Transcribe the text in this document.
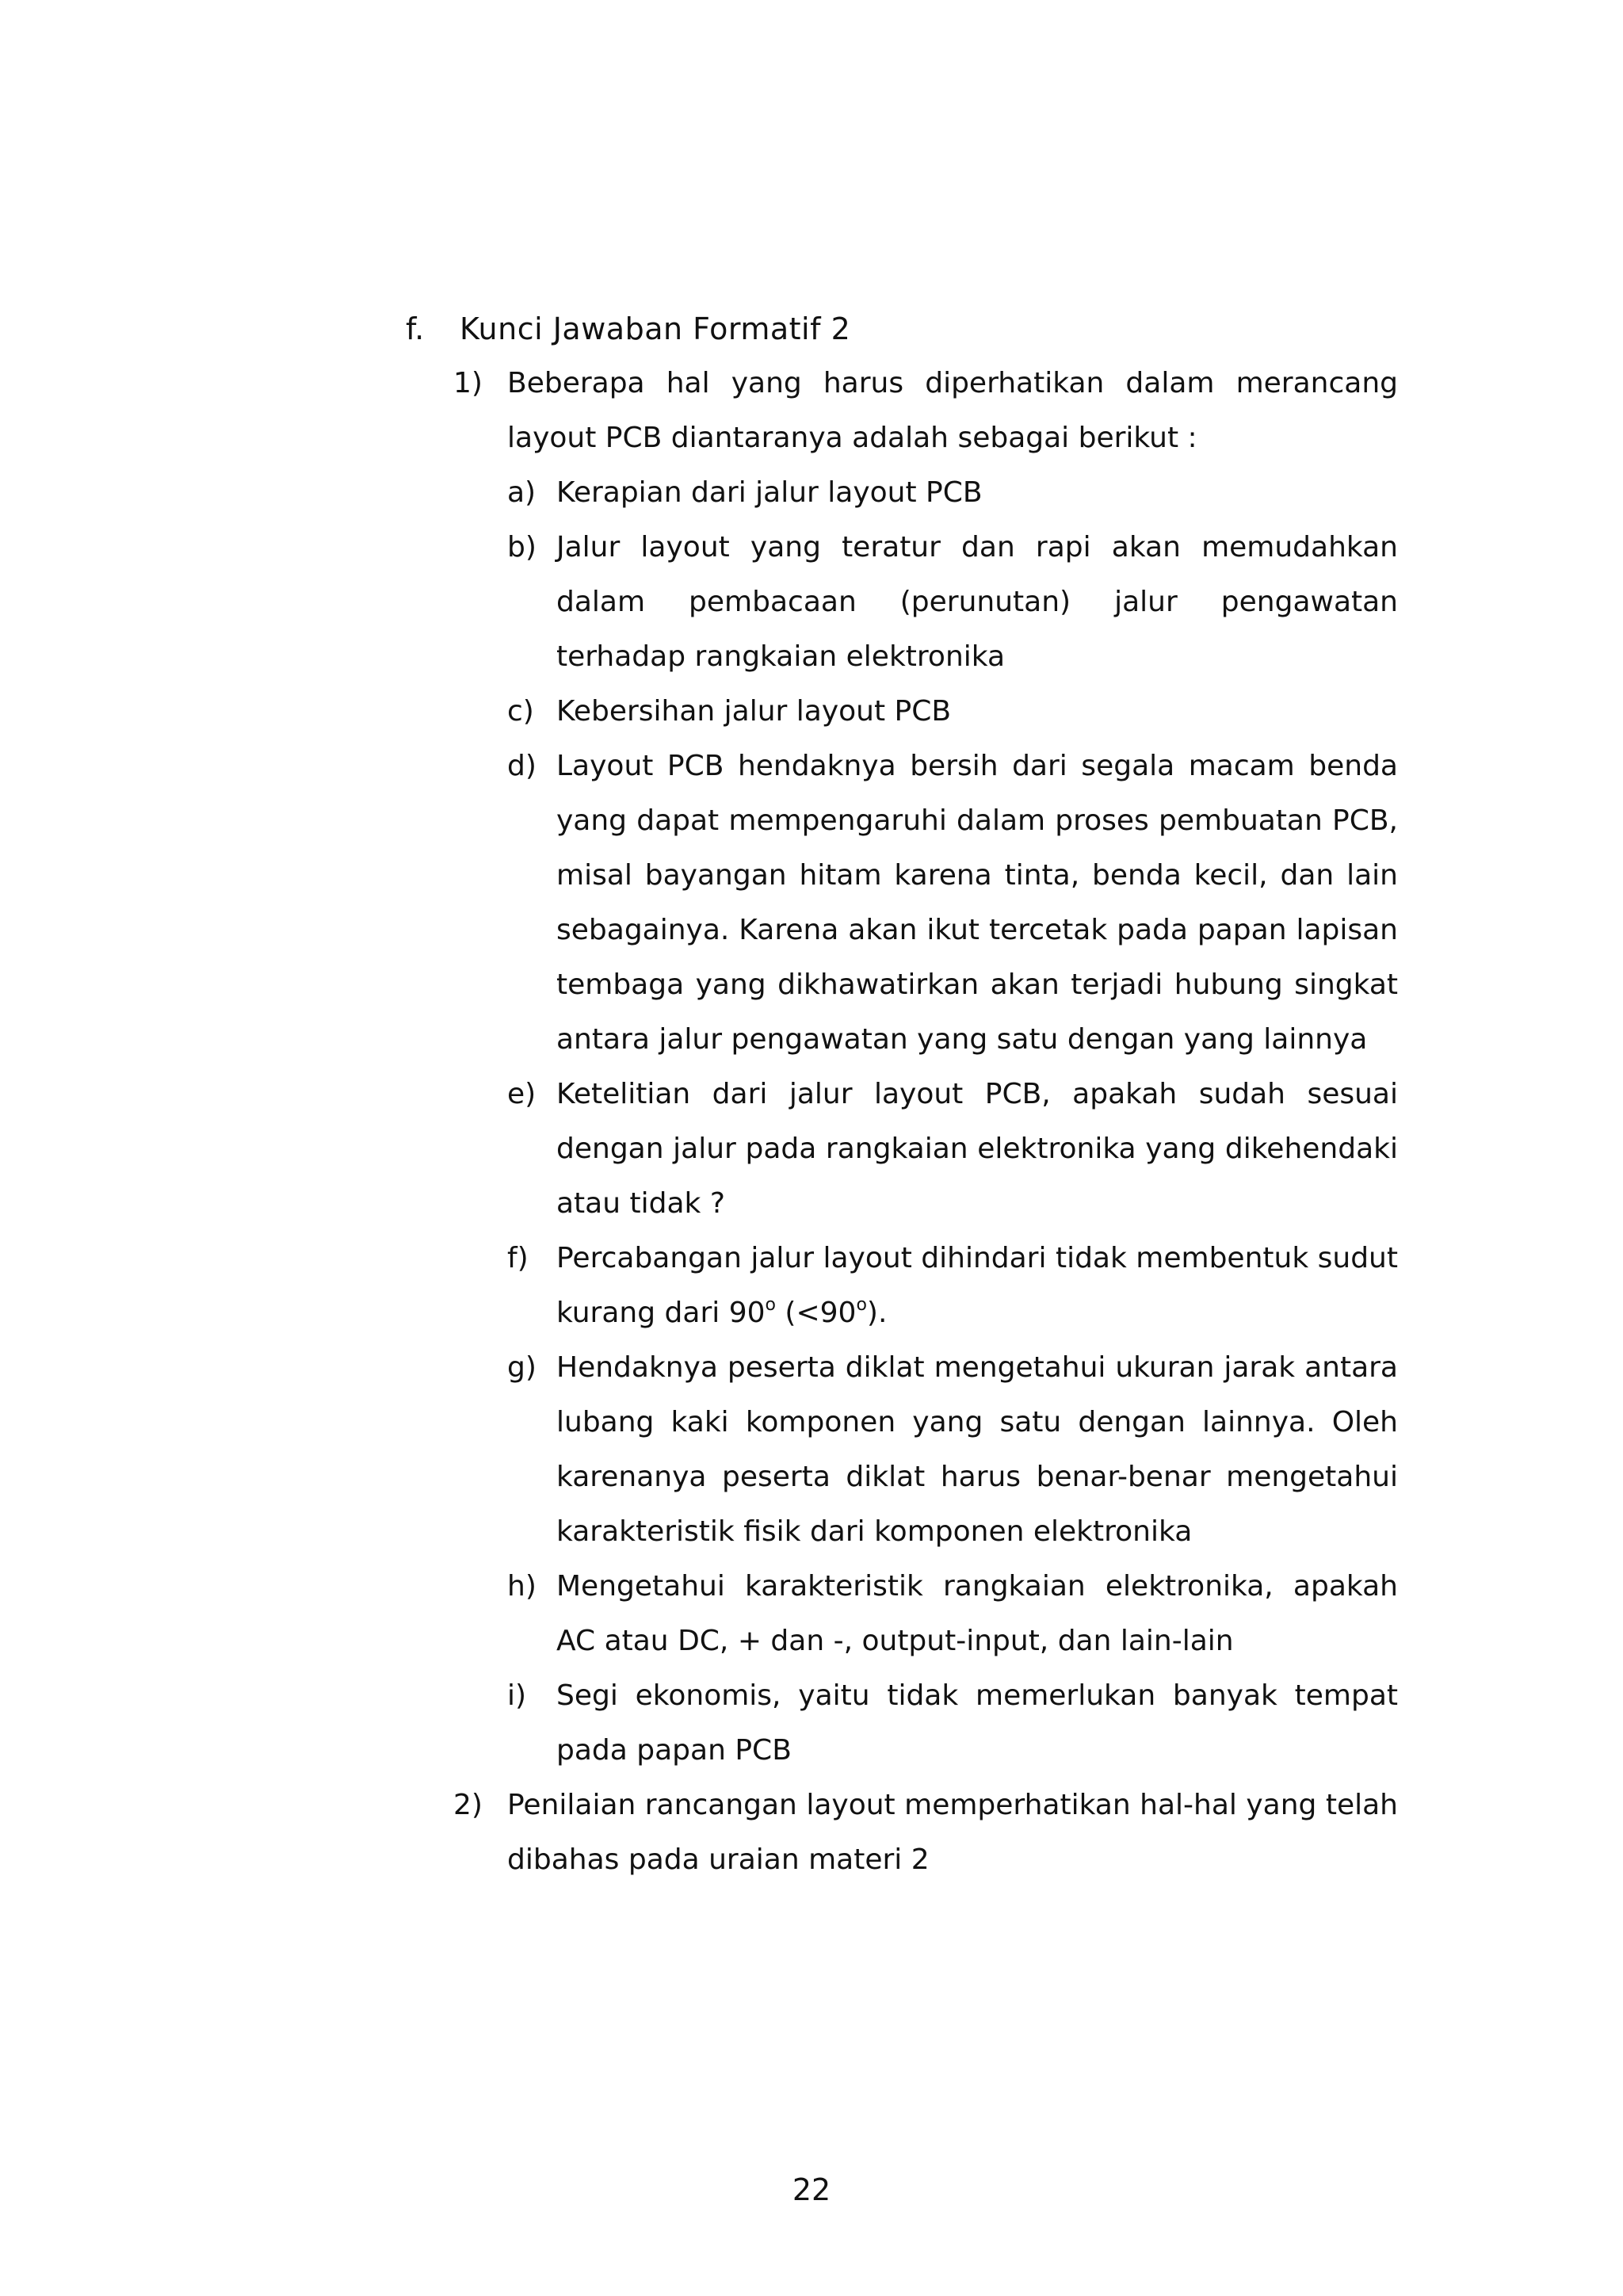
f.	Kunci Jawaban Formatif 2
1) Beberapa hal yang harus diperhatikan dalam merancang layout PCB diantaranya adalah sebagai berikut :

a) Kerapian dari jalur layout PCB

b) Jalur layout yang teratur dan rapi akan memudahkan dalam pembacaan (perunutan) jalur pengawatan terhadap rangkaian elektronika

c) Kebersihan jalur layout PCB

d) Layout PCB hendaknya bersih dari segala macam benda yang dapat mempengaruhi dalam proses pembuatan PCB, misal bayangan hitam karena tinta, benda kecil, dan lain sebagainya. Karena akan ikut tercetak pada papan lapisan tembaga yang dikhawatirkan akan terjadi hubung singkat antara jalur pengawatan yang satu dengan yang lainnya

e) Ketelitian dari jalur layout PCB, apakah sudah sesuai dengan jalur pada rangkaian elektronika yang dikehendaki atau tidak ?

f) Percabangan jalur layout dihindari tidak membentuk sudut kurang dari 90$^o$ $(<90^o)$.

g) Hendaknya peserta diklat mengetahui ukuran jarak antara lubang kaki komponen yang satu dengan lainnya. Oleh karenanya peserta diklat harus benar-benar mengetahui karakteristik fisik dari komponen elektronika

h) Mengetahui karakteristik rangkaian elektronika, apakah AC atau DC, + dan -, output-input, dan lain-lain

i)	Segi ekonomis, yaitu tidak memerlukan banyak tempat pada papan PCB

2) Penilaian rancangan layout memperhatikan hal-hal yang telah dibahas pada uraian materi 2

22
